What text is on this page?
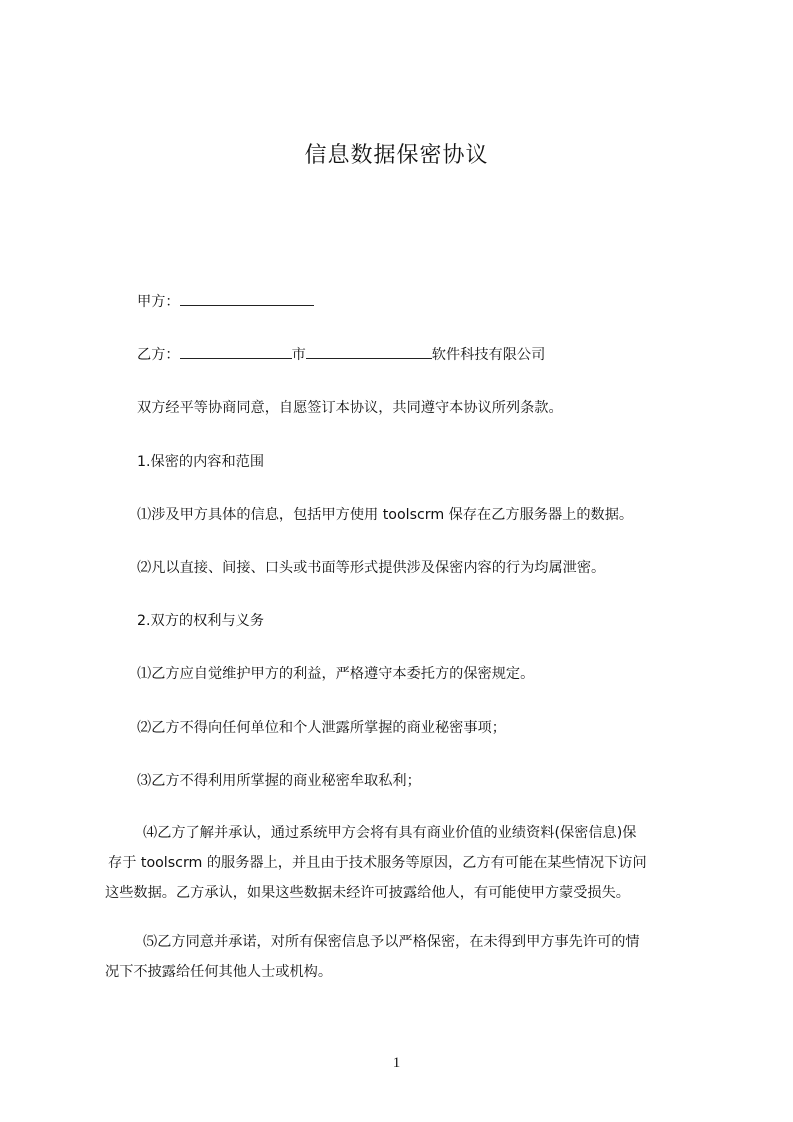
信息数据保密协议
甲方：
乙方：	市	软件科技有限公司
双方经平等协商同意，自愿签订本协议，共同遵守本协议所列条款。
1.保密的内容和范围
⑴涉及甲方具体的信息，包括甲方使用 toolscrm 保存在乙方服务器上的数据。
⑵凡以直接、间接、口头或书面等形式提供涉及保密内容的行为均属泄密。
2.双方的权利与义务
⑴乙方应自觉维护甲方的利益，严格遵守本委托方的保密规定。
⑵乙方不得向任何单位和个人泄露所掌握的商业秘密事项；
⑶乙方不得利用所掌握的商业秘密牟取私利；
⑷乙方了解并承认，通过系统甲方会将有具有商业价值的业绩资料(保密信息)保
存于 toolscrm 的服务器上，并且由于技术服务等原因，乙方有可能在某些情况下访问
这些数据。乙方承认，如果这些数据未经许可披露给他人，有可能使甲方蒙受损失。
⑸乙方同意并承诺，对所有保密信息予以严格保密，在未得到甲方事先许可的情
况下不披露给任何其他人士或机构。
1
